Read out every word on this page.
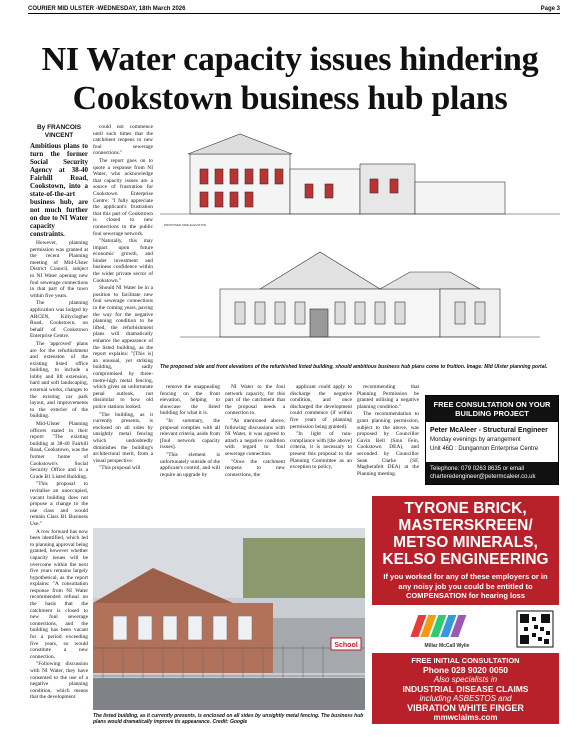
COURIER MID ULSTER -WEDNESDAY, 18th March 2026	Page 3
NI Water capacity issues hindering
Cookstown business hub plans
By FRANCOIS VINCENT
Ambitious plans to turn the former Social Security Agency at 38-40 Fairhill Road, Cookstown, into a state-of-the-art business hub, are not much further on due to NI Water capacity constraints.

However, planning permission was granted at the recent Planning meeting of Mid-Ulster District Council, subject to NI Water opening new foul sewerage connections in that part of the town within five years.

The planning application was lodged by ARCEN, Killyclogher Road, Cookstown, on behalf of Cookstown Enterprise Centre.

The 'approved' plans are for the refurbishment and extension of the existing listed office building, to include a lobby and lift extension, hard and soft landscaping, external works, changes to the existing car park layout, and improvements to the exterior of the building.

Mid-Ulster Planning officers stated in their report: "The existing building at 38-40 Fairhill Road, Cookstown, was the former home of Cookstown's Social Security Office and is a Grade B1 Listed Building.

"This proposal to revitalise an unoccupied, vacant building does not propose a change to the use class and would remain Class B1 Business Use."

A row forward has now been identified, which led to planning approval being granted, however whether capacity issues will be overcome within the next five years remains largely hypothetical, as the report explains: "A consultation response from NI Water recommended refusal on the basis that the catchment is closed to new foul sewerage connections, and the building has been vacant for a period exceeding five years, so would constitute a new connection.

"Following discussion with NI Water, they have consented to the use of a negative planning condition, which means that the development

could not commence until such times that the catchment reopens to new foul sewerage connections."

The report goes on to quote a response from NI Water, who acknowledge that capacity issues are a source of frustration for Cookstown Enterprise Centre: "I fully appreciate the applicant's frustration that this part of Cookstown is closed to new connections to the public foul sewerage network.

"Naturally, this may impact upon future economic growth, and hinder investment and business confidence within the wider private sector of Cookstown."

Should NI Water be in a position to facilitate new foul sewerage connections in the coming years, paving the way for the negative planning condition to be lifted, the refurbishment plans will dramatically enhance the appearance of the listed building, as the report explains: "[This is] an unusual, yet striking building, sadly compromised by three-metre-high metal fencing, which gives an unfortunate penal outlook, not dissimilar to how old police stations looked.

"The building, as it currently presents, is enclosed on all sides by unsightly metal fencing which undoubtedly diminishes the building's architectural merit, from a visual perspective.

"This proposal will

PROPOSED SIDE ELEVATION
The proposed side and front elevations of the refurbished listed building, should ambitious business hub plans come to fruition. Image: Mid Ulster planning portal.

remove the unappealing fencing on the front elevation, helping to showcase the listed building for what it is.

"In summary, the proposal complies with all relevant criteria, aside from [foul network capacity issues].

"This element is unfortunately outside of the applicant's control, and will require an upgrade by

NI Water to the foul network capacity, for this part of the catchment that the proposal needs a connection to.

"As mentioned above, following discussions with NI Water, it was agreed to attach a negative condition with regard to foul sewerage connection.

"Once the catchment reopens to new connections, the

applicant could apply to discharge the negative condition, and once discharged the development could commence (if within five years of planning permission being granted).

"In light of non-compliance with [the above] criteria, it is necessary to present this proposal to the Planning Committee as an exception to policy,

recommending that Planning Permission be granted utilising a negative planning condition."

The recommendation to grant planning permission, subject to the above, was proposed by Councillor Gavin Bell (Sinn Fein, Cookstown DEA), and seconded by Councillor Sean Clarke (SF, Magherafelt DEA) at the Planning meeting.

School
The listed building, as it currently presents, is enclosed on all sides by unsightly metal fencing. The business hub plans would dramatically improve its appearance. Credit: Google
FREE CONSULTATION ON YOUR BUILDING PROJECT
Peter McAleer - Structural Engineer
Monday evenings by arrangement
Unit 46D : Dungannon Enterprise Centre
Telephone: 079 0263 8635 or email
charteredengineer@petermcaleer.co.uk
TYRONE BRICK, MASTERSKREEN/ METSO MINERALS, KELSO ENGINEERING
If you worked for any of these employers or in any noisy job you could be entitled to
COMPENSATION for hearing loss
Millar McCall Wylie
FREE INITIAL CONSULTATION
Phone 028 9020 0050
Also specialists in
INDUSTRIAL DISEASE CLAIMS
including ASBESTOS and
VIBRATION WHITE FINGER
mmwclaims.com
